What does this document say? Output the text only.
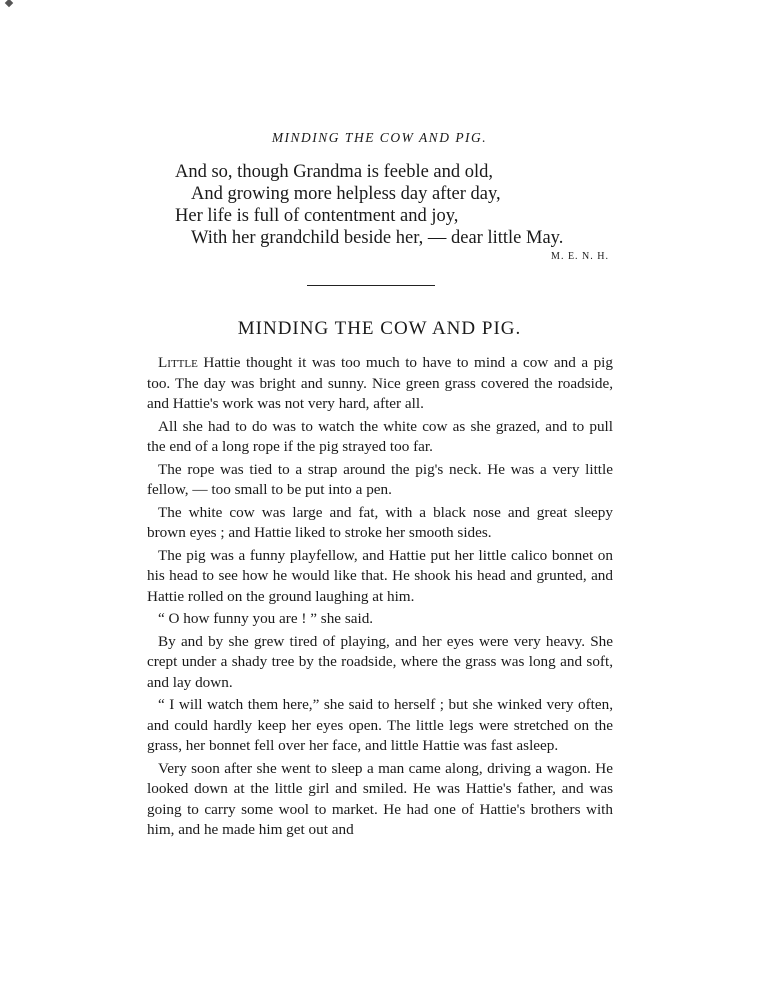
MINDING THE COW AND PIG.
And so, though Grandma is feeble and old,
And growing more helpless day after day,
Her life is full of contentment and joy,
With her grandchild beside her, — dear little May.
M. E. N. H.
MINDING THE COW AND PIG.

Little Hattie thought it was too much to have to mind a cow and a pig too. The day was bright and sunny. Nice green grass covered the roadside, and Hattie's work was not very hard, after all.

All she had to do was to watch the white cow as she grazed, and to pull the end of a long rope if the pig strayed too far.

The rope was tied to a strap around the pig's neck. He was a very little fellow, — too small to be put into a pen.

The white cow was large and fat, with a black nose and great sleepy brown eyes ; and Hattie liked to stroke her smooth sides.

The pig was a funny playfellow, and Hattie put her little calico bonnet on his head to see how he would like that. He shook his head and grunted, and Hattie rolled on the ground laughing at him.

“ O how funny you are ! ” she said.

By and by she grew tired of playing, and her eyes were very heavy. She crept under a shady tree by the roadside, where the grass was long and soft, and lay down.

“ I will watch them here,” she said to herself ; but she winked very often, and could hardly keep her eyes open. The little legs were stretched on the grass, her bonnet fell over her face, and little Hattie was fast asleep.

Very soon after she went to sleep a man came along, driving a wagon. He looked down at the little girl and smiled. He was Hattie's father, and was going to carry some wool to market. He had one of Hattie's brothers with him, and he made him get out and
